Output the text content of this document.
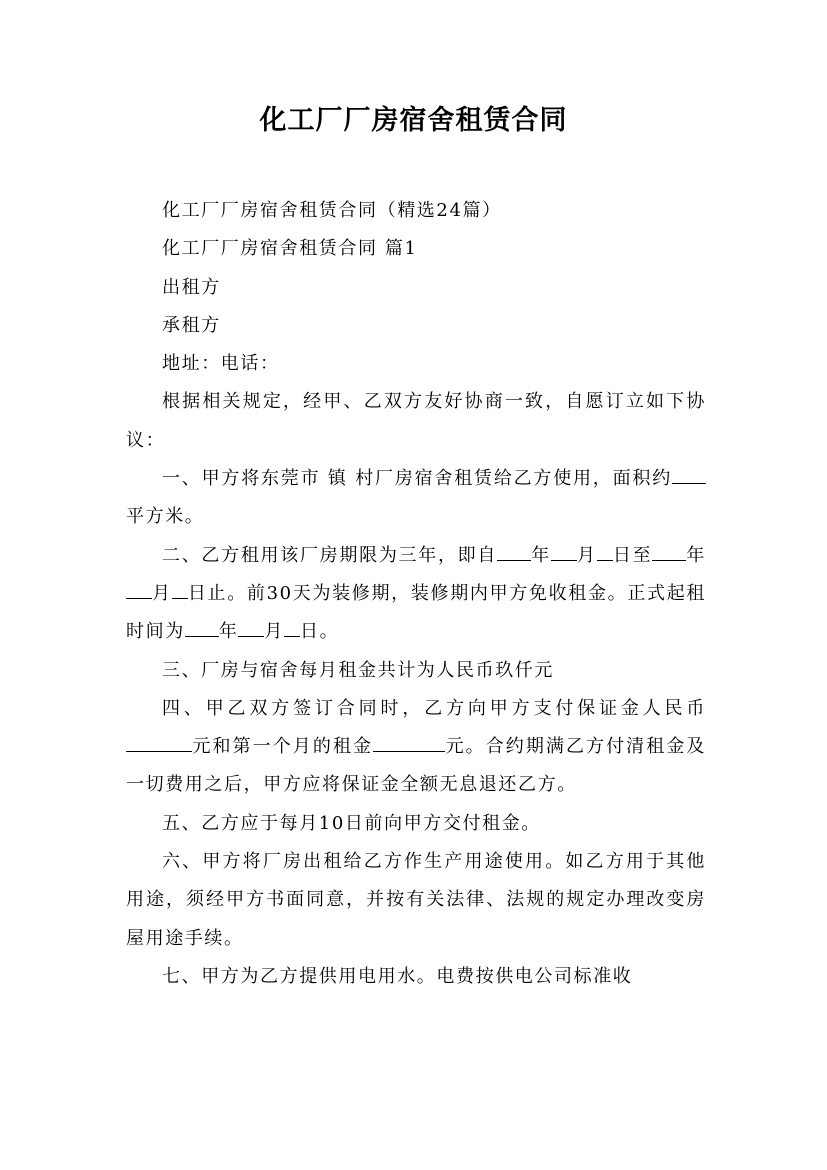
化工厂厂房宿舍租赁合同

化工厂厂房宿舍租赁合同（精选24篇）

化工厂厂房宿舍租赁合同 篇1

出租方

承租方

地址：电话：

根据相关规定，经甲、乙双方友好协商一致，自愿订立如下协议：

一、甲方将东莞市 镇 村厂房宿舍租赁给乙方使用，面积约平方米。

二、乙方租用该厂房期限为三年，即自 年 月 日至 年月 日止。前30天为装修期，装修期内甲方免收租金。正式起租时间为 年 月 日。

三、厂房与宿舍每月租金共计为人民币玖仟元

四、甲乙双方签订合同时，乙方向甲方支付保证金人民币元和第一个月的租金	元。合约期满乙方付清租金及一切费用之后，甲方应将保证金全额无息退还乙方。

五、乙方应于每月10日前向甲方交付租金。

六、甲方将厂房出租给乙方作生产用途使用。如乙方用于其他用途，须经甲方书面同意，并按有关法律、法规的规定办理改变房屋用途手续。

七、甲方为乙方提供用电用水。电费按供电公司标准收
